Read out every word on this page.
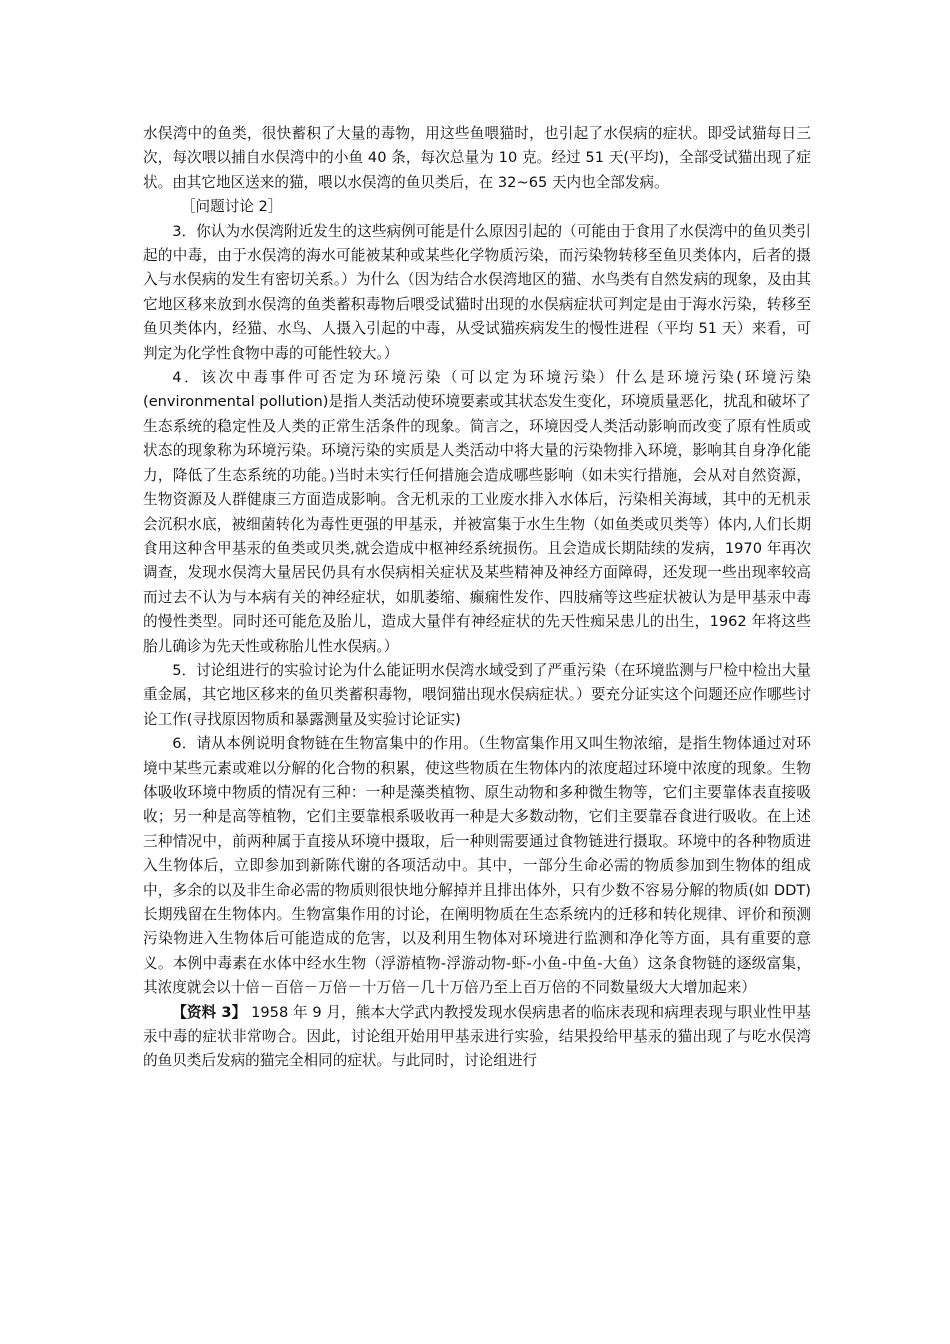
水俣湾中的鱼类，很快蓄积了大量的毒物，用这些鱼喂猫时，也引起了水俣病的症状。即受试猫每日三次，每次喂以捕自水俣湾中的小鱼 40 条，每次总量为 10 克。经过 51 天(平均)，全部受试猫出现了症状。由其它地区送来的猫，喂以水俣湾的鱼贝类后，在 32~65 天内也全部发病。

［问题讨论 2］

3．你认为水俣湾附近发生的这些病例可能是什么原因引起的（可能由于食用了水俣湾中的鱼贝类引起的中毒，由于水俣湾的海水可能被某种或某些化学物质污染，而污染物转移至鱼贝类体内，后者的摄入与水俣病的发生有密切关系。）为什么（因为结合水俣湾地区的猫、水鸟类有自然发病的现象，及由其它地区移来放到水俣湾的鱼类蓄积毒物后喂受试猫时出现的水俣病症状可判定是由于海水污染，转移至鱼贝类体内，经猫、水鸟、人摄入引起的中毒，从受试猫疾病发生的慢性进程（平均 51 天）来看，可判定为化学性食物中毒的可能性较大。）

4．该次中毒事件可否定为环境污染（可以定为环境污染）什么是环境污染(环境污染(environmental pollution)是指人类活动使环境要素或其状态发生变化，环境质量恶化，扰乱和破坏了生态系统的稳定性及人类的正常生活条件的现象。简言之，环境因受人类活动影响而改变了原有性质或状态的现象称为环境污染。环境污染的实质是人类活动中将大量的污染物排入环境，影响其自身净化能力，降低了生态系统的功能。)当时未实行任何措施会造成哪些影响（如未实行措施，会从对自然资源，生物资源及人群健康三方面造成影响。含无机汞的工业废水排入水体后，污染相关海域，其中的无机汞会沉积水底，被细菌转化为毒性更强的甲基汞，并被富集于水生生物（如鱼类或贝类等）体内,人们长期食用这种含甲基汞的鱼类或贝类,就会造成中枢神经系统损伤。且会造成长期陆续的发病，1970 年再次调查，发现水俣湾大量居民仍具有水俣病相关症状及某些精神及神经方面障碍，还发现一些出现率较高而过去不认为与本病有关的神经症状，如肌萎缩、癫痫性发作、四肢痛等这些症状被认为是甲基汞中毒的慢性类型。同时还可能危及胎儿，造成大量伴有神经症状的先天性痴呆患儿的出生，1962 年将这些胎儿确诊为先天性或称胎儿性水俣病。）

5．讨论组进行的实验讨论为什么能证明水俣湾水域受到了严重污染（在环境监测与尸检中检出大量重金属，其它地区移来的鱼贝类蓄积毒物，喂饲猫出现水俣病症状。）要充分证实这个问题还应作哪些讨论工作(寻找原因物质和暴露测量及实验讨论证实)

6．请从本例说明食物链在生物富集中的作用。（生物富集作用又叫生物浓缩，是指生物体通过对环境中某些元素或难以分解的化合物的积累，使这些物质在生物体内的浓度超过环境中浓度的现象。生物体吸收环境中物质的情况有三种：一种是藻类植物、原生动物和多种微生物等，它们主要靠体表直接吸收；另一种是高等植物，它们主要靠根系吸收再一种是大多数动物，它们主要靠吞食进行吸收。在上述三种情况中，前两种属于直接从环境中摄取，后一种则需要通过食物链进行摄取。环境中的各种物质进入生物体后，立即参加到新陈代谢的各项活动中。其中，一部分生命必需的物质参加到生物体的组成中，多余的以及非生命必需的物质则很快地分解掉并且排出体外，只有少数不容易分解的物质(如 DDT)长期残留在生物体内。生物富集作用的讨论，在阐明物质在生态系统内的迁移和转化规律、评价和预测污染物进入生物体后可能造成的危害，以及利用生物体对环境进行监测和净化等方面，具有重要的意义。本例中毒素在水体中经水生物（浮游植物-浮游动物-虾-小鱼-中鱼-大鱼）这条食物链的逐级富集，其浓度就会以十倍－百倍－万倍－十万倍－几十万倍乃至上百万倍的不同数量级大大增加起来）

【资料 3】 1958 年 9 月，熊本大学武内教授发现水俣病患者的临床表现和病理表现与职业性甲基汞中毒的症状非常吻合。因此，讨论组开始用甲基汞进行实验，结果投给甲基汞的猫出现了与吃水俣湾的鱼贝类后发病的猫完全相同的症状。与此同时，讨论组进行
